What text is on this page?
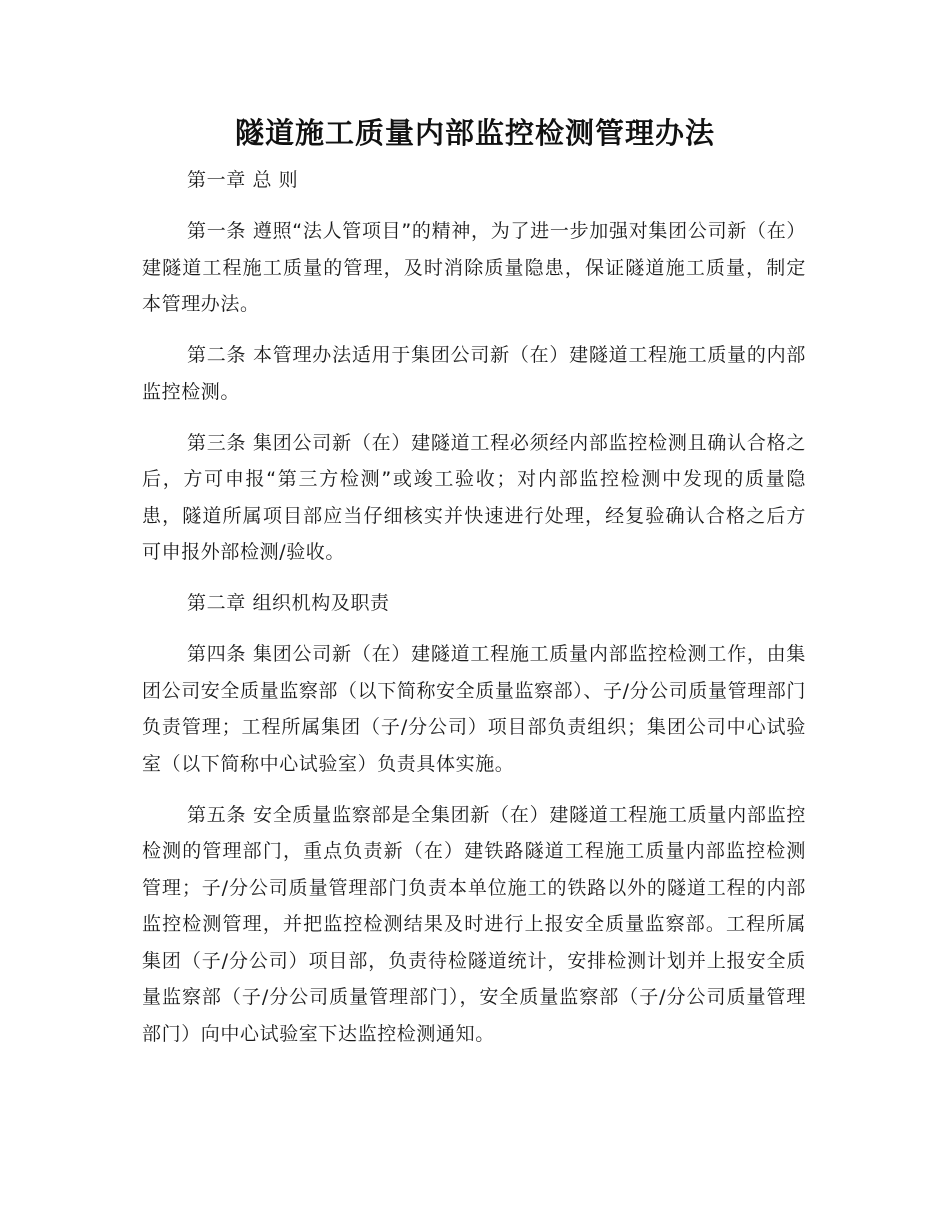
隧道施工质量内部监控检测管理办法

第一章 总 则

第一条 遵照“法人管项目”的精神，为了进一步加强对集团公司新（在）建隧道工程施工质量的管理，及时消除质量隐患，保证隧道施工质量，制定本管理办法。

第二条 本管理办法适用于集团公司新（在）建隧道工程施工质量的内部监控检测。

第三条 集团公司新（在）建隧道工程必须经内部监控检测且确认合格之后，方可申报“第三方检测”或竣工验收；对内部监控检测中发现的质量隐患，隧道所属项目部应当仔细核实并快速进行处理，经复验确认合格之后方可申报外部检测/验收。

第二章 组织机构及职责

第四条 集团公司新（在）建隧道工程施工质量内部监控检测工作，由集团公司安全质量监察部（以下简称安全质量监察部）、子/分公司质量管理部门负责管理；工程所属集团（子/分公司）项目部负责组织；集团公司中心试验室（以下简称中心试验室）负责具体实施。

第五条 安全质量监察部是全集团新（在）建隧道工程施工质量内部监控检测的管理部门，重点负责新（在）建铁路隧道工程施工质量内部监控检测管理；子/分公司质量管理部门负责本单位施工的铁路以外的隧道工程的内部监控检测管理，并把监控检测结果及时进行上报安全质量监察部。工程所属集团（子/分公司）项目部，负责待检隧道统计，安排检测计划并上报安全质量监察部（子/分公司质量管理部门），安全质量监察部（子/分公司质量管理部门）向中心试验室下达监控检测通知。
